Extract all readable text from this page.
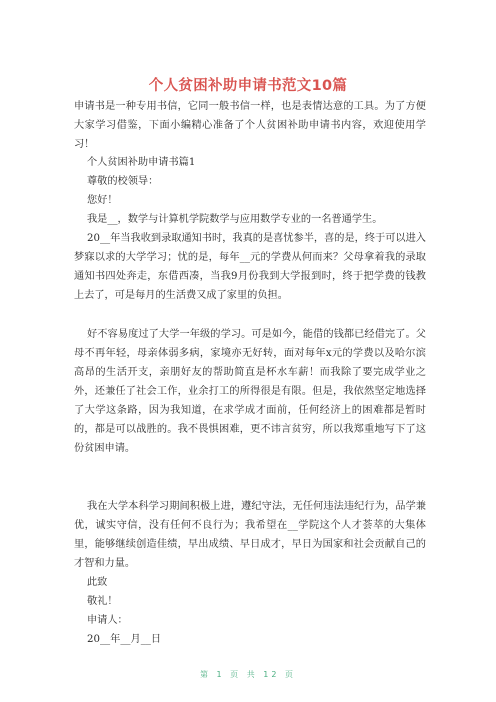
个人贫困补助申请书范文10篇
申请书是一种专用书信，它同一般书信一样，也是表情达意的工具。为了方便大家学习借鉴，下面小编精心准备了个人贫困补助申请书内容，欢迎使用学习！
个人贫困补助申请书篇1
尊敬的校领导：
您好！
我是__，数学与计算机学院数学与应用数学专业的一名普通学生。
20__年当我收到录取通知书时，我真的是喜忧参半，喜的是，终于可以进入梦寐以求的大学学习；忧的是，每年__元的学费从何而来？父母拿着我的录取通知书四处奔走，东借西凑，当我9月份我到大学报到时，终于把学费的钱教上去了，可是每月的生活费又成了家里的负担。
好不容易度过了大学一年级的学习。可是如今，能借的钱都已经借完了。父母不再年轻，母亲体弱多病，家境亦无好转，面对每年x元的学费以及哈尔滨高昂的生活开支，亲朋好友的帮助简直是杯水车薪！而我除了要完成学业之外，还兼任了社会工作，业余打工的所得很是有限。但是，我依然坚定地选择了大学这条路，因为我知道，在求学成才面前，任何经济上的困难都是暂时的，都是可以战胜的。我不畏惧困难，更不讳言贫穷，所以我郑重地写下了这份贫困申请。
我在大学本科学习期间积极上进，遵纪守法，无任何违法违纪行为，品学兼优，诚实守信，没有任何不良行为；我希望在__学院这个人才荟萃的大集体里，能够继续创造佳绩，早出成绩、早日成才，早日为国家和社会贡献自己的才智和力量。
此致
敬礼！
申请人：
20__年__月__日
第 1 页 共 12 页
